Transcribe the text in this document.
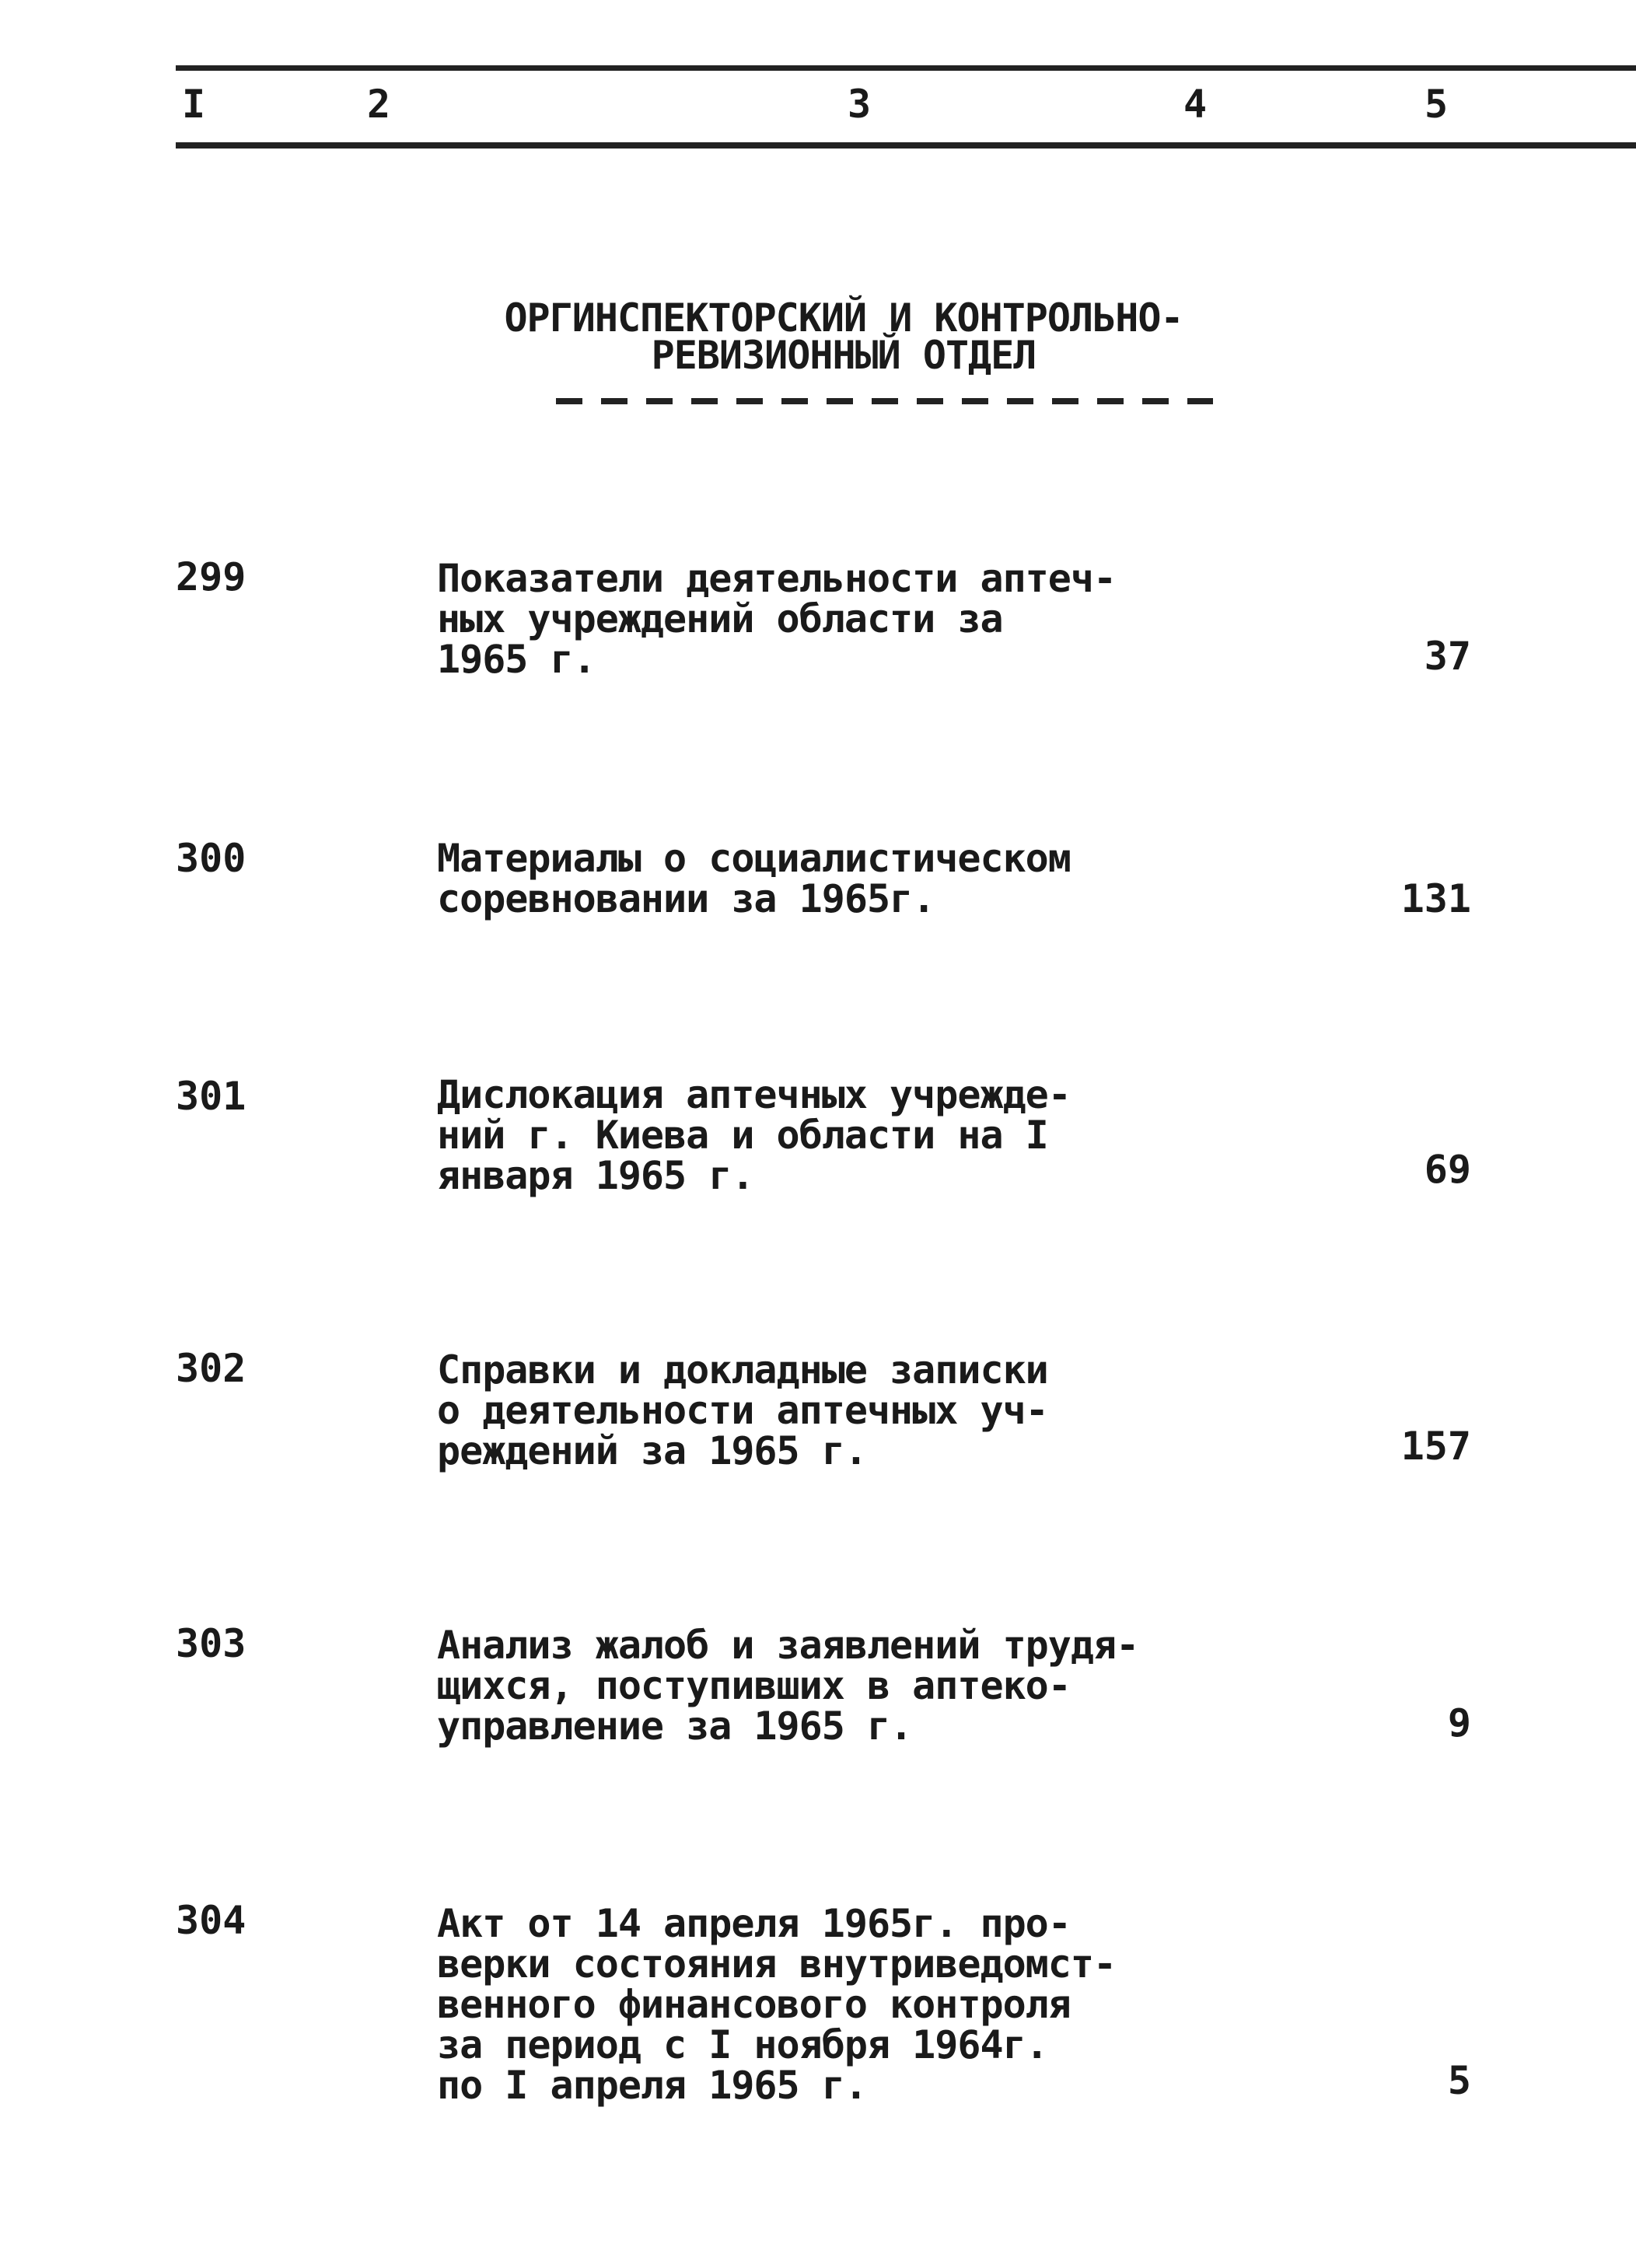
I	2	3	4	5
ОРГИНСПЕКТОРСКИЙ И КОНТРОЛЬНО-
РЕВИЗИОННЫЙ ОТДЕЛ
299	Показатели деятельности аптеч-
ных учреждений области за
1965 г.	37
300	Материалы о социалистическом
соревновании за 1965г.	131
301	Дислокация аптечных учрежде-
ний г. Киева и области на I
января 1965 г.	69
302	Справки и докладные записки
о деятельности аптечных уч-
реждений за 1965 г.	157
303	Анализ жалоб и заявлений трудя-
щихся, поступивших в аптеко-
управление за 1965 г.	9
304	Акт от 14 апреля 1965г. про-
верки состояния внутриведомст-
венного финансового контроля
за период с I ноября 1964г.
по I апреля 1965 г.	5
